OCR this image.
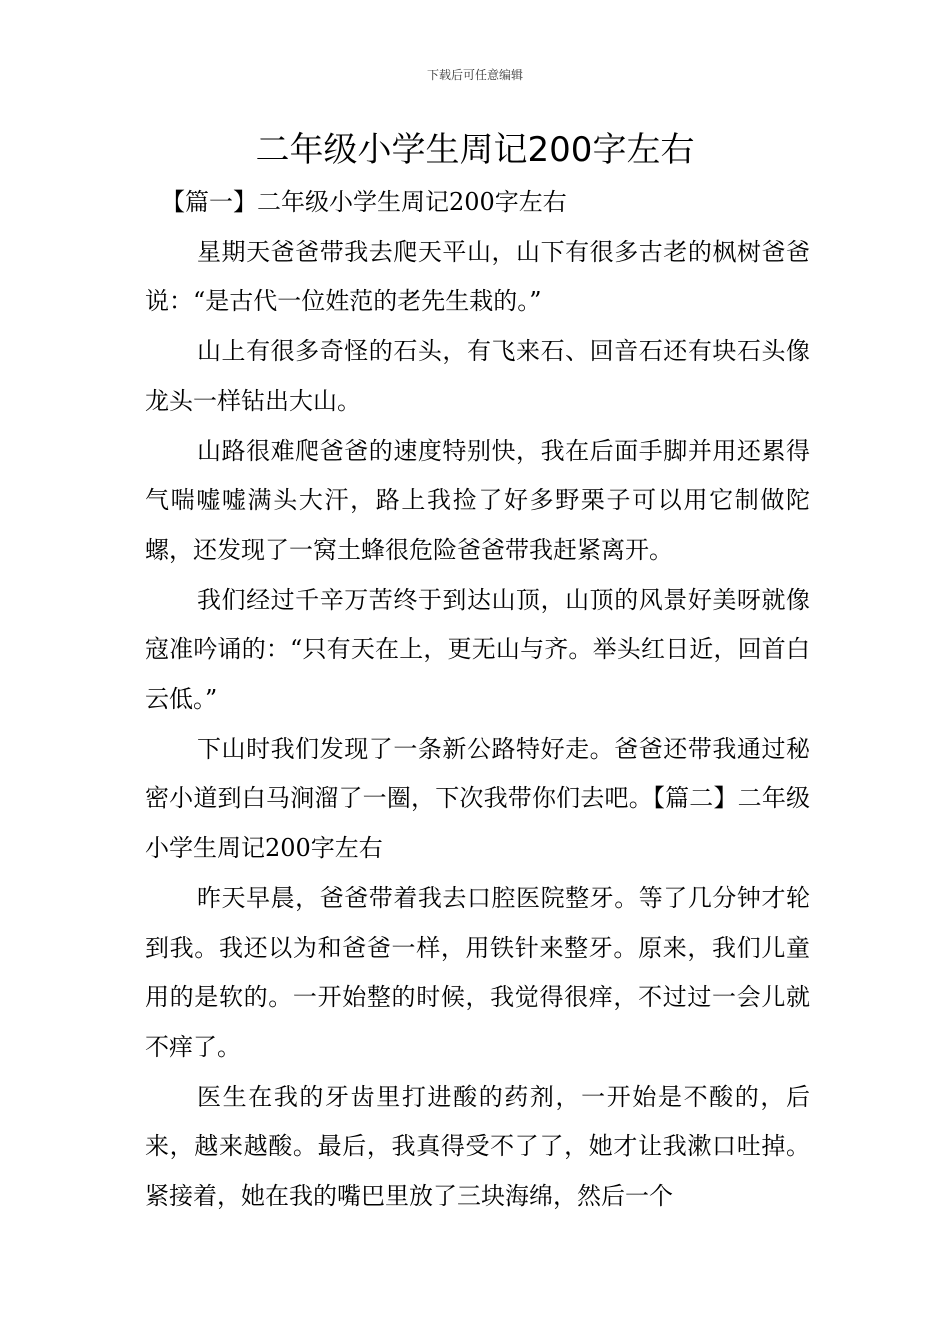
下载后可任意编辑
二年级小学生周记200字左右

【篇一】二年级小学生周记200字左右

星期天爸爸带我去爬天平山，山下有很多古老的枫树爸爸说：“是古代一位姓范的老先生栽的。”

山上有很多奇怪的石头，有飞来石、回音石还有块石头像龙头一样钻出大山。

山路很难爬爸爸的速度特别快，我在后面手脚并用还累得气喘嘘嘘满头大汗，路上我捡了好多野栗子可以用它制做陀螺，还发现了一窝土蜂很危险爸爸带我赶紧离开。

我们经过千辛万苦终于到达山顶，山顶的风景好美呀就像寇准吟诵的：“只有天在上，更无山与齐。举头红日近，回首白云低。”

下山时我们发现了一条新公路特好走。爸爸还带我通过秘密小道到白马涧溜了一圈，下次我带你们去吧。【篇二】二年级小学生周记200字左右

昨天早晨，爸爸带着我去口腔医院整牙。等了几分钟才轮到我。我还以为和爸爸一样，用铁针来整牙。原来，我们儿童用的是软的。一开始整的时候，我觉得很痒，不过过一会儿就不痒了。

医生在我的牙齿里打进酸的药剂，一开始是不酸的，后来，越来越酸。最后，我真得受不了了，她才让我漱口吐掉。紧接着，她在我的嘴巴里放了三块海绵，然后一个
